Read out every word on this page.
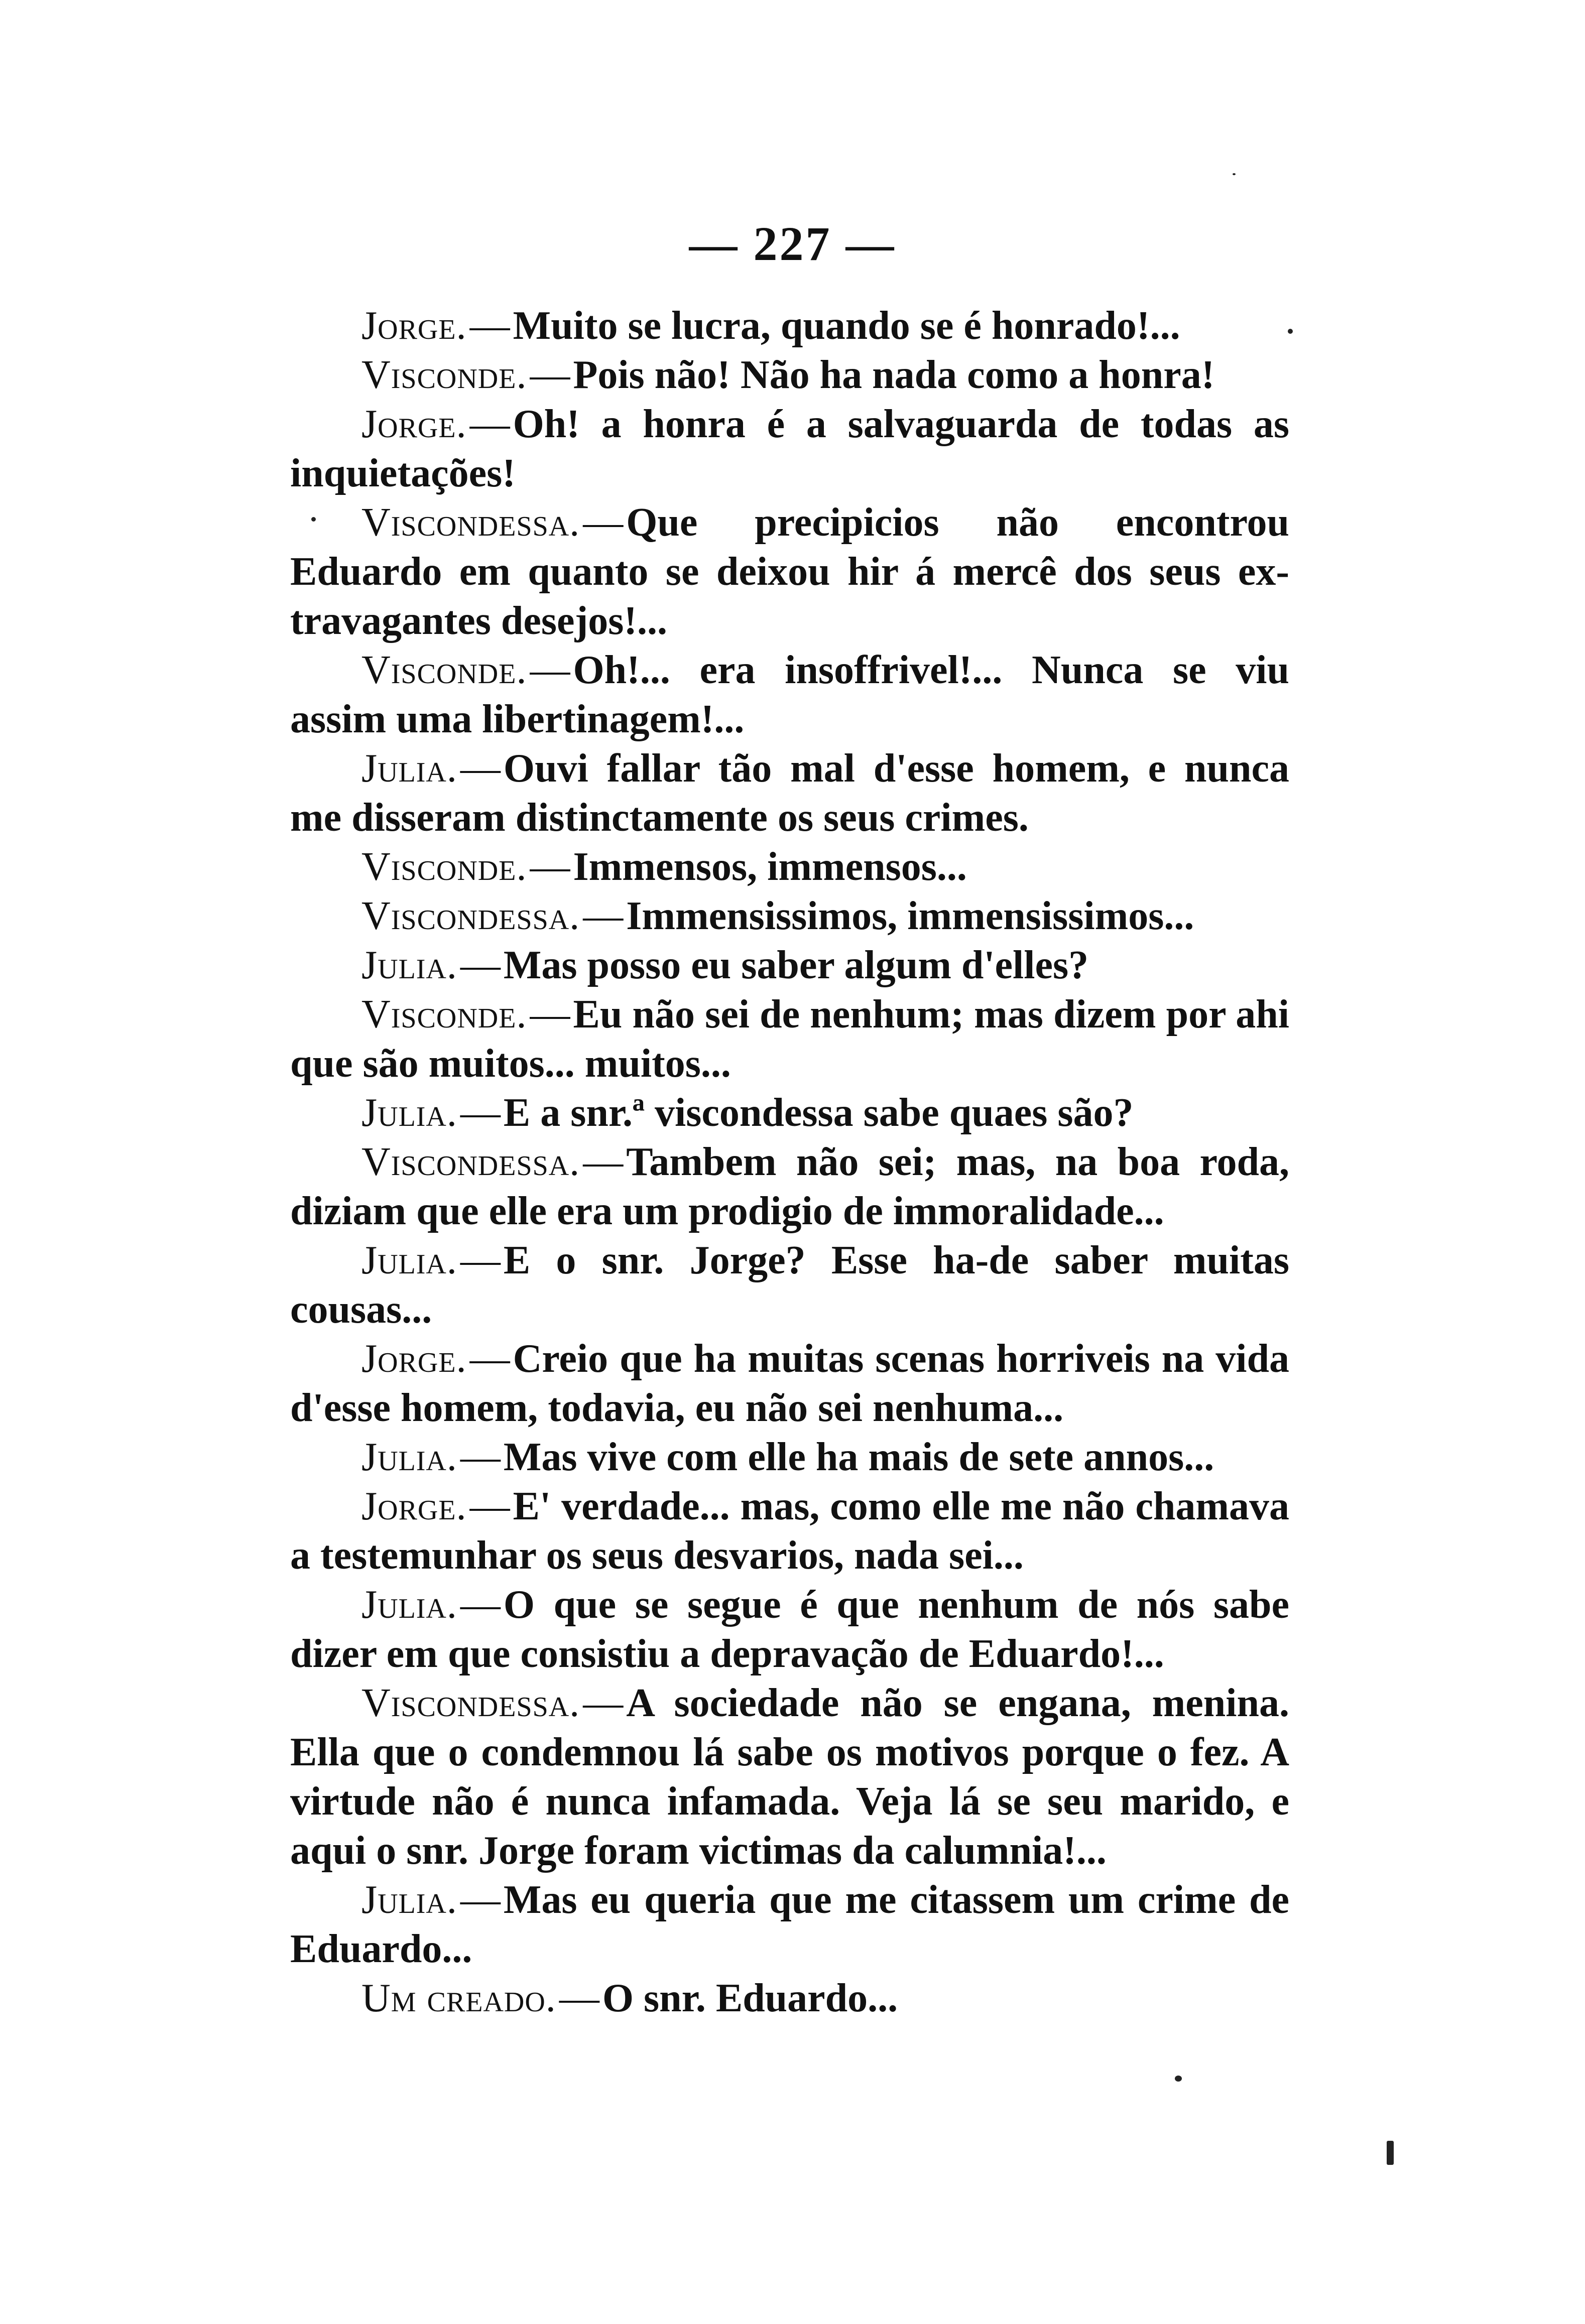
— 227 —

Jorge.—Muito se lucra, quando se é honrado!...

Visconde.—Pois não! Não ha nada como a honra!

Jorge.—Oh! a honra é a salvaguarda de todas as inquietações!

Viscondessa.—Que precipicios não encontrou Eduardo em quanto se deixou hir á mercê dos seus extravagantes desejos!...

Visconde.—Oh!... era insoffrivel!... Nunca se viu assim uma libertinagem!...

Julia.—Ouvi fallar tão mal d'esse homem, e nunca me disseram distinctamente os seus crimes.

Visconde.—Immensos, immensos...

Viscondessa.—Immensissimos, immensissimos...

Julia.—Mas posso eu saber algum d'elles?

Visconde.—Eu não sei de nenhum; mas dizem por ahi que são muitos... muitos...

Julia.—E a snr.ª viscondessa sabe quaes são?

Viscondessa.—Tambem não sei; mas, na boa roda, diziam que elle era um prodigio de immoralidade...

Julia.—E o snr. Jorge? Esse ha-de saber muitas cousas...

Jorge.—Creio que ha muitas scenas horriveis na vida d'esse homem, todavia, eu não sei nenhuma...

Julia.—Mas vive com elle ha mais de sete annos...

Jorge.—E' verdade... mas, como elle me não chamava a testemunhar os seus desvarios, nada sei...

Julia.—O que se segue é que nenhum de nós sabe dizer em que consistiu a depravação de Eduardo!...

Viscondessa.—A sociedade não se engana, menina. Ella que o condemnou lá sabe os motivos porque o fez. A virtude não é nunca infamada. Veja lá se seu marido, e aqui o snr. Jorge foram victimas da calumnia!...

Julia.—Mas eu queria que me citassem um crime de Eduardo...

Um creado.—O snr. Eduardo...
